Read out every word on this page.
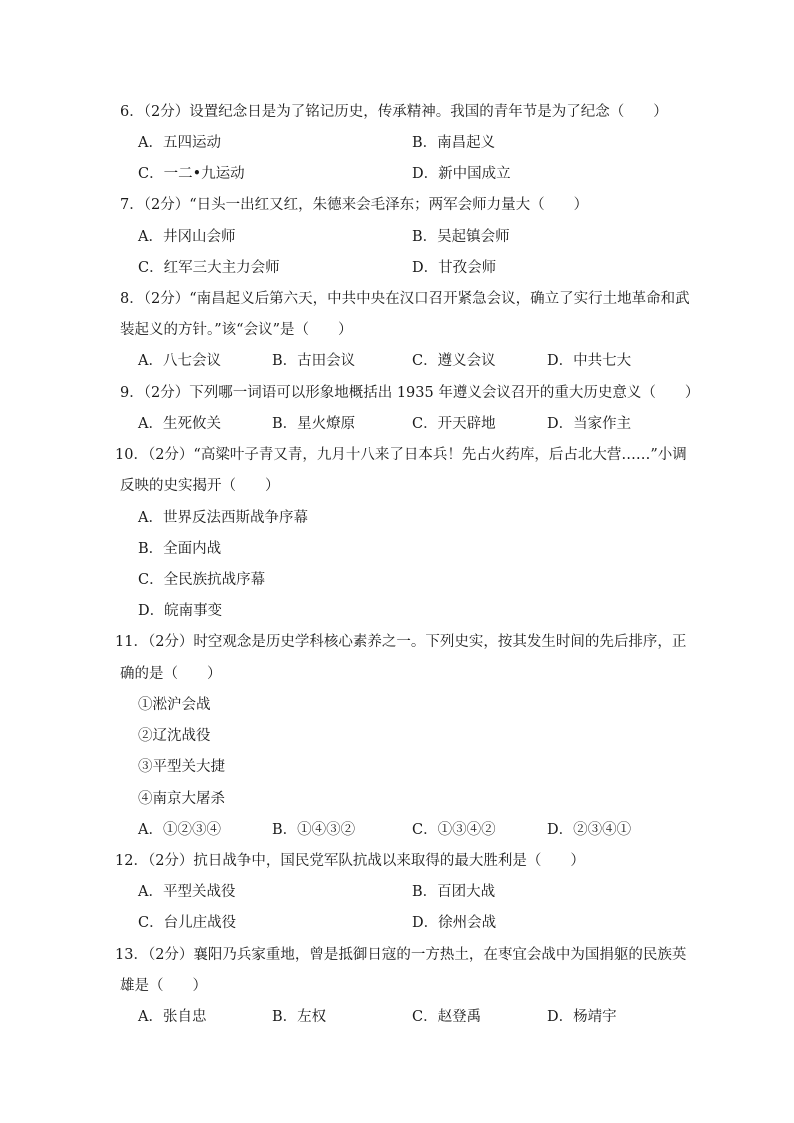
6．（2分）设置纪念日是为了铭记历史，传承精神。我国的青年节是为了纪念（　　）
A．五四运动	B．南昌起义
C．一二•九运动	D．新中国成立
7．（2分）“日头一出红又红，朱德来会毛泽东；两军会师力量大（　　）
A．井冈山会师	B．吴起镇会师
C．红军三大主力会师	D．甘孜会师
8．（2分）“南昌起义后第六天，中共中央在汉口召开紧急会议，确立了实行土地革命和武
装起义的方针。”该“会议”是（　　）
A．八七会议	B．古田会议	C．遵义会议	D．中共七大
9．（2分）下列哪一词语可以形象地概括出 1935 年遵义会议召开的重大历史意义（　　）
A．生死攸关	B．星火燎原	C．开天辟地	D．当家作主
10．（2分）“高粱叶子青又青，九月十八来了日本兵！先占火药库，后占北大营……”小调
反映的史实揭开（　　）
A．世界反法西斯战争序幕
B．全面内战
C．全民族抗战序幕
D．皖南事变
11．（2分）时空观念是历史学科核心素养之一。下列史实，按其发生时间的先后排序，正
确的是（　　）
①淞沪会战
②辽沈战役
③平型关大捷
④南京大屠杀
A．①②③④	B．①④③②	C．①③④②	D．②③④①
12．（2分）抗日战争中，国民党军队抗战以来取得的最大胜利是（　　）
A．平型关战役	B．百团大战
C．台儿庄战役	D．徐州会战
13．（2分）襄阳乃兵家重地，曾是抵御日寇的一方热土，在枣宜会战中为国捐躯的民族英
雄是（　　）
A．张自忠	B．左权	C．赵登禹	D．杨靖宇
